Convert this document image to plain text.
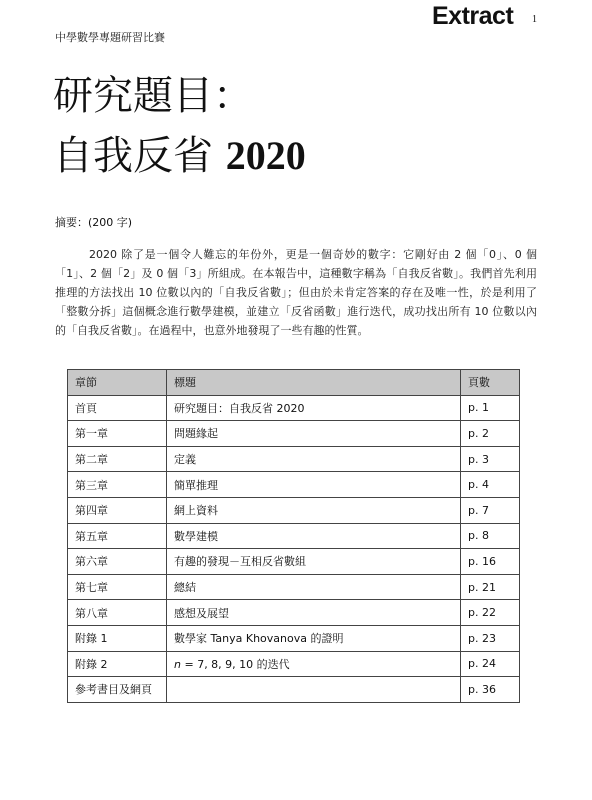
Extract 1
中學數學專題研習比賽
研究題目：
自我反省 2020
摘要：(200 字)
2020 除了是一個令人難忘的年份外，更是一個奇妙的數字：它剛好由 2 個「0」、0 個「1」、2 個「2」及 0 個「3」所組成。在本報告中，這種數字稱為「自我反省數」。我們首先利用推理的方法找出 10 位數以內的「自我反省數」；但由於未肯定答案的存在及唯一性，於是利用了「整數分拆」這個概念進行數學建模，並建立「反省函數」進行迭代，成功找出所有 10 位數以內的「自我反省數」。在過程中，也意外地發現了一些有趣的性質。
章節	標題	頁數
首頁	研究題目：自我反省 2020	p. 1
第一章	問題緣起	p. 2
第二章	定義	p. 3
第三章	簡單推理	p. 4
第四章	網上資料	p. 7
第五章	數學建模	p. 8
第六章	有趣的發現－互相反省數組	p. 16
第七章	總結	p. 21
第八章	感想及展望	p. 22
附錄 1	數學家 Tanya Khovanova 的證明	p. 23
附錄 2	n = 7, 8, 9, 10 的迭代	p. 24
參考書目及網頁		p. 36
